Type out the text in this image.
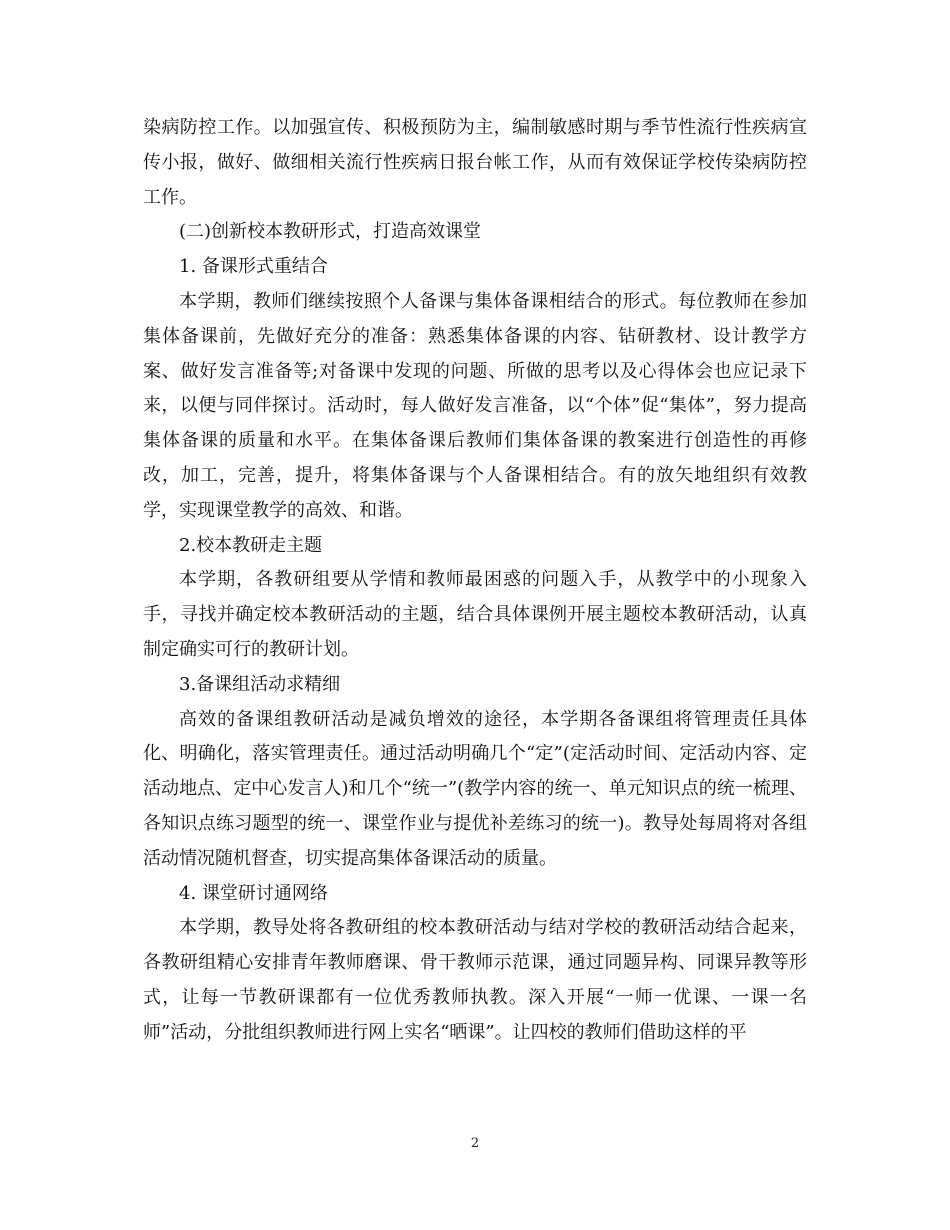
染病防控工作。以加强宣传、积极预防为主，编制敏感时期与季节性流行性疾病宣传小报，做好、做细相关流行性疾病日报台帐工作，从而有效保证学校传染病防控工作。

(二)创新校本教研形式，打造高效课堂

1. 备课形式重结合

本学期，教师们继续按照个人备课与集体备课相结合的形式。每位教师在参加集体备课前，先做好充分的准备：熟悉集体备课的内容、钻研教材、设计教学方案、做好发言准备等;对备课中发现的问题、所做的思考以及心得体会也应记录下来，以便与同伴探讨。活动时，每人做好发言准备，以“个体”促“集体”，努力提高集体备课的质量和水平。在集体备课后教师们集体备课的教案进行创造性的再修改，加工，完善，提升，将集体备课与个人备课相结合。有的放矢地组织有效教学，实现课堂教学的高效、和谐。

2.校本教研走主题

本学期，各教研组要从学情和教师最困惑的问题入手，从教学中的小现象入手，寻找并确定校本教研活动的主题，结合具体课例开展主题校本教研活动，认真制定确实可行的教研计划。

3.备课组活动求精细

高效的备课组教研活动是减负增效的途径，本学期各备课组将管理责任具体化、明确化，落实管理责任。通过活动明确几个“定”(定活动时间、定活动内容、定活动地点、定中心发言人)和几个“统一”(教学内容的统一、单元知识点的统一梳理、各知识点练习题型的统一、课堂作业与提优补差练习的统一)。教导处每周将对各组活动情况随机督查，切实提高集体备课活动的质量。

4. 课堂研讨通网络

本学期，教导处将各教研组的校本教研活动与结对学校的教研活动结合起来，各教研组精心安排青年教师磨课、骨干教师示范课，通过同题异构、同课异教等形式，让每一节教研课都有一位优秀教师执教。深入开展“一师一优课、一课一名师”活动，分批组织教师进行网上实名“晒课”。让四校的教师们借助这样的平

2
